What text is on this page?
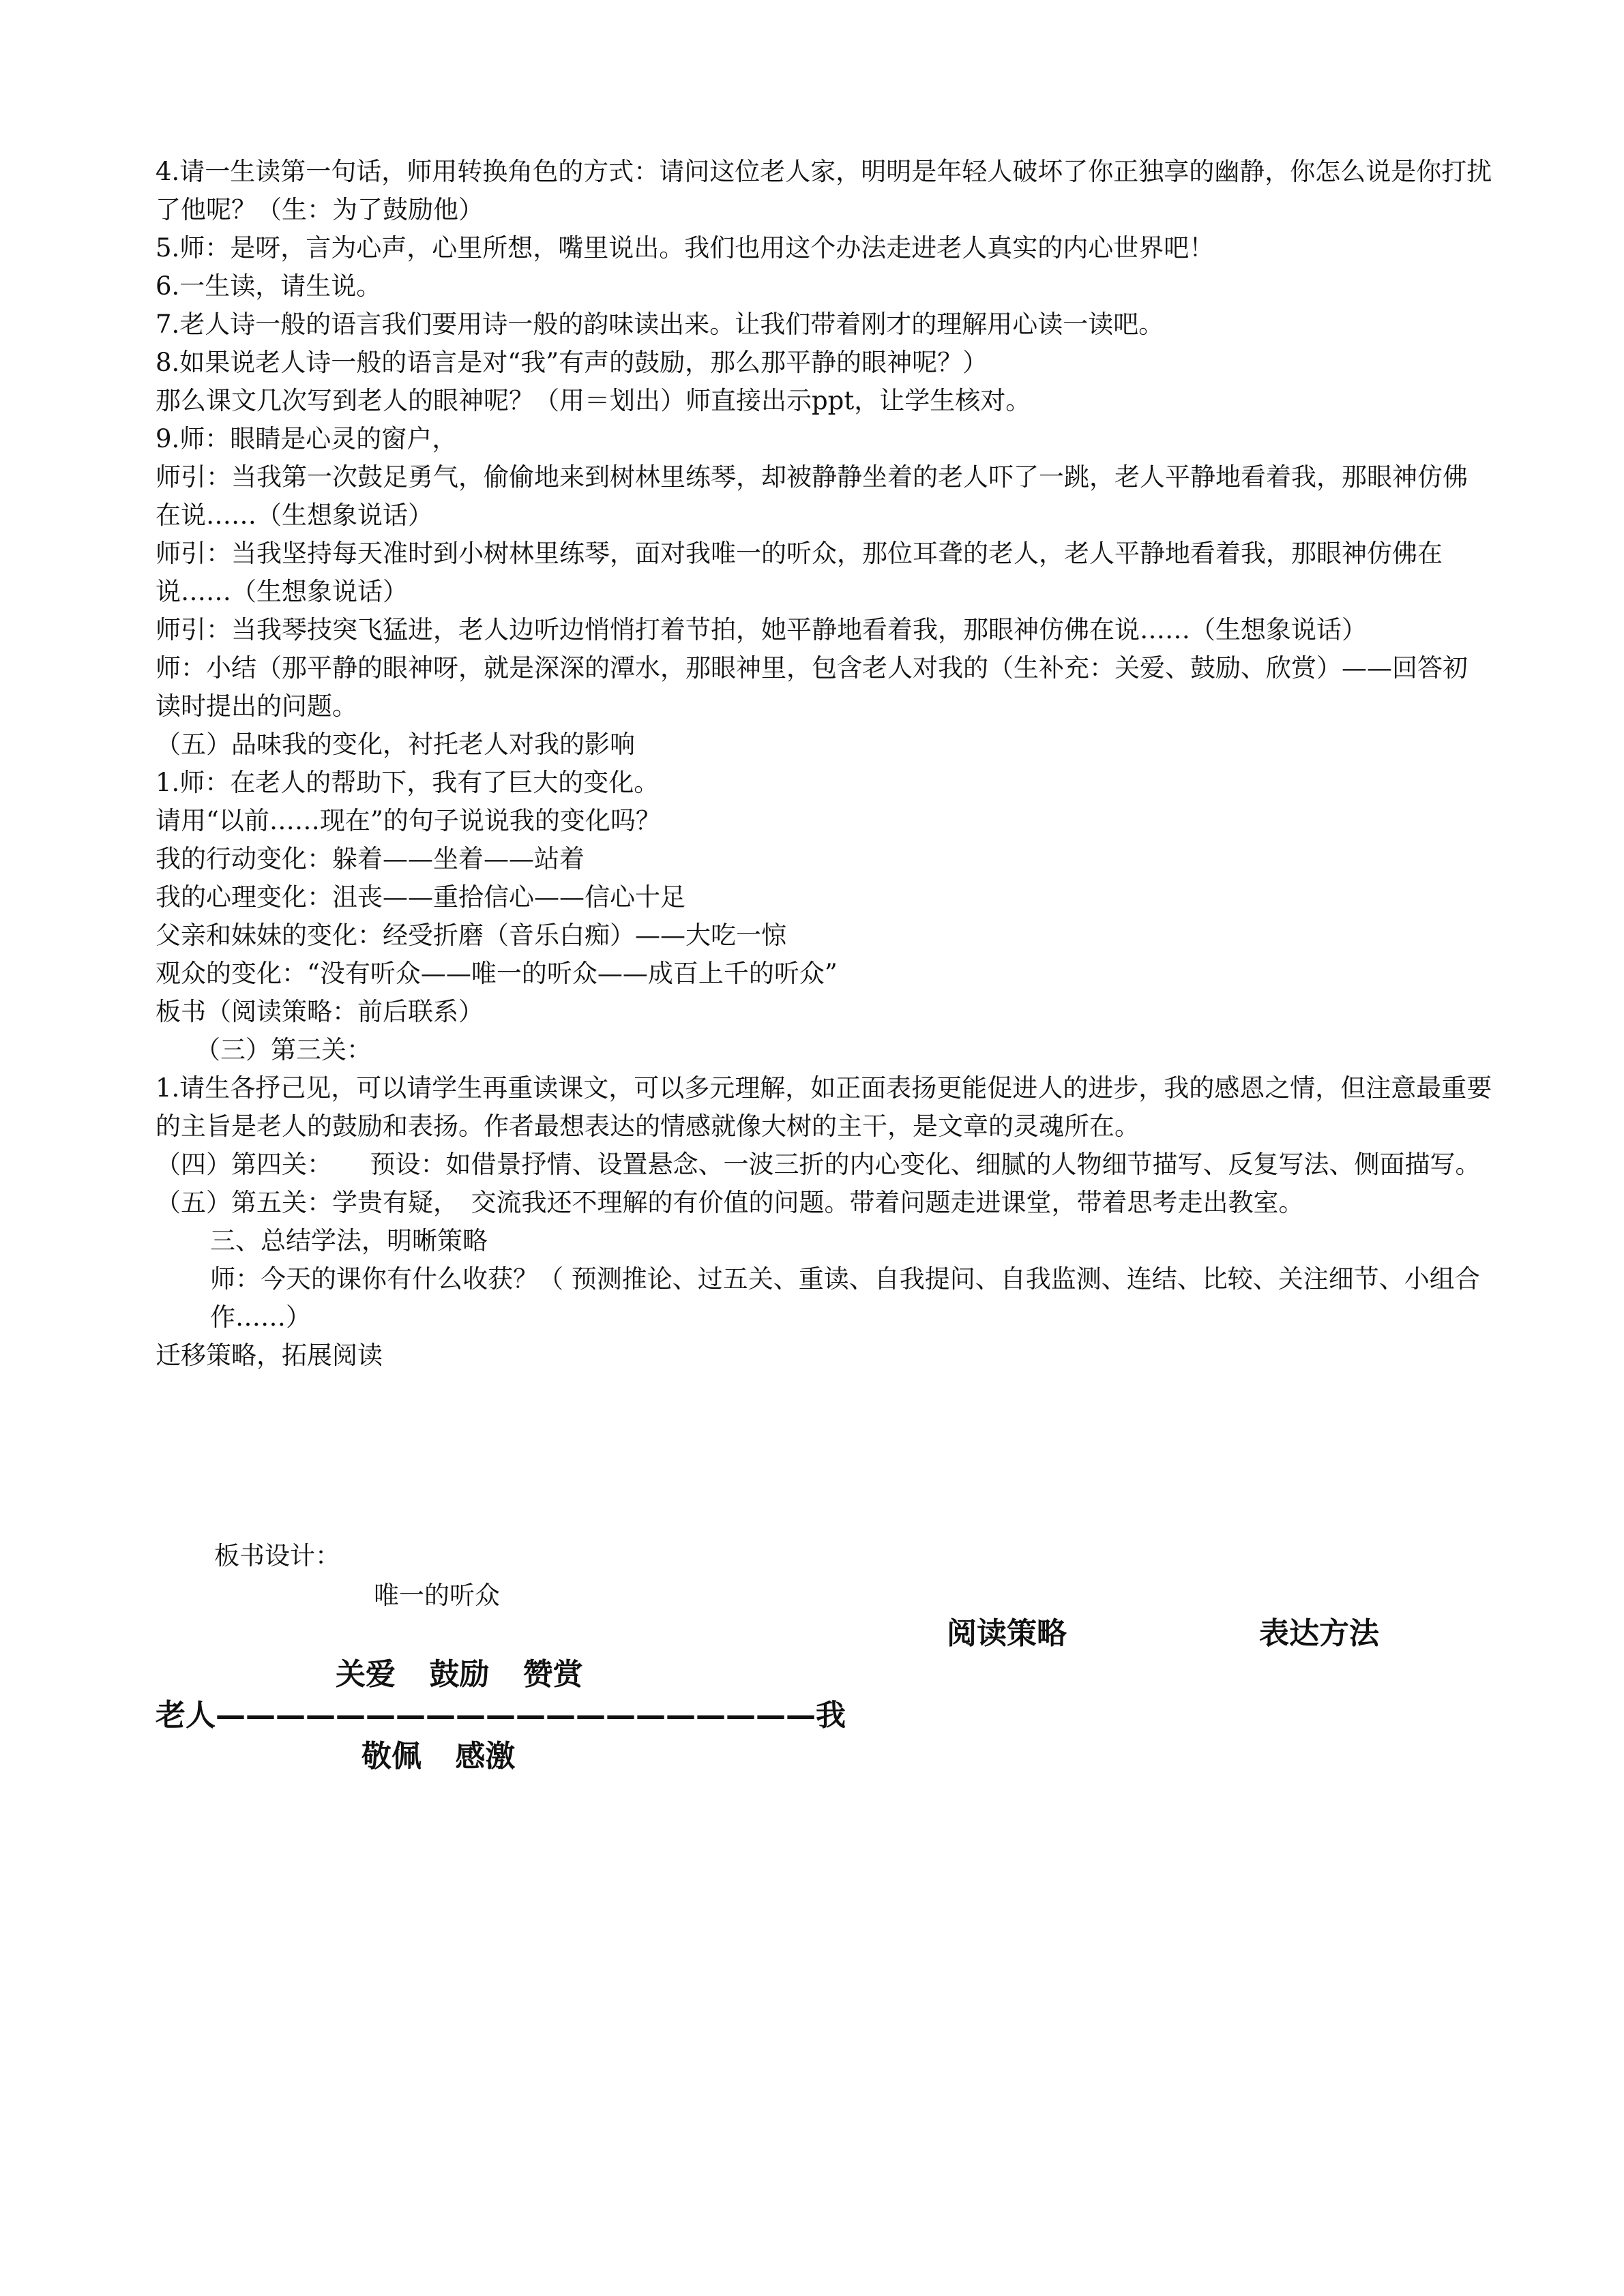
4.请一生读第一句话，师用转换角色的方式：请问这位老人家，明明是年轻人破坏了你正独享的幽静，你怎么说是你打扰了他呢？（生：为了鼓励他）

5.师：是呀，言为心声，心里所想，嘴里说出。我们也用这个办法走进老人真实的内心世界吧！

6.一生读，请生说。

7.老人诗一般的语言我们要用诗一般的韵味读出来。让我们带着刚才的理解用心读一读吧。

8.如果说老人诗一般的语言是对“我”有声的鼓励，那么那平静的眼神呢？）

那么课文几次写到老人的眼神呢？（用＝划出）师直接出示ppt，让学生核对。

9.师：眼睛是心灵的窗户，

师引：当我第一次鼓足勇气，偷偷地来到树林里练琴，却被静静坐着的老人吓了一跳，老人平静地看着我，那眼神仿佛在说……（生想象说话）

师引：当我坚持每天准时到小树林里练琴，面对我唯一的听众，那位耳聋的老人，老人平静地看着我，那眼神仿佛在说……（生想象说话）

师引：当我琴技突飞猛进，老人边听边悄悄打着节拍，她平静地看着我，那眼神仿佛在说……（生想象说话）

师：小结（那平静的眼神呀，就是深深的潭水，那眼神里，包含老人对我的（生补充：关爱、鼓励、欣赏）——回答初读时提出的问题。

（五）品味我的变化，衬托老人对我的影响

1.师：在老人的帮助下，我有了巨大的变化。

请用“以前……现在”的句子说说我的变化吗？

我的行动变化：躲着——坐着——站着

我的心理变化：沮丧——重拾信心——信心十足

父亲和妹妹的变化：经受折磨（音乐白痴）——大吃一惊

观众的变化：“没有听众——唯一的听众——成百上千的听众”

板书（阅读策略：前后联系）

（三）第三关：

1.请生各抒己见，可以请学生再重读课文，可以多元理解，如正面表扬更能促进人的进步，我的感恩之情，但注意最重要的主旨是老人的鼓励和表扬。作者最想表达的情感就像大树的主干，是文章的灵魂所在。

（四）第四关：　　预设：如借景抒情、设置悬念、一波三折的内心变化、细腻的人物细节描写、反复写法、侧面描写。

（五）第五关：学贵有疑，　交流我还不理解的有价值的问题。带着问题走进课堂，带着思考走出教室。

三、总结学法，明晰策略

师：今天的课你有什么收获？（ 预测推论、过五关、重读、自我提问、自我监测、连结、比较、关注细节、小组合作……）

迁移策略，拓展阅读

板书设计：
唯一的听众
阅读策略	表达方法
关爱 鼓励 赞赏
老人————————————————————我
敬佩 感激
